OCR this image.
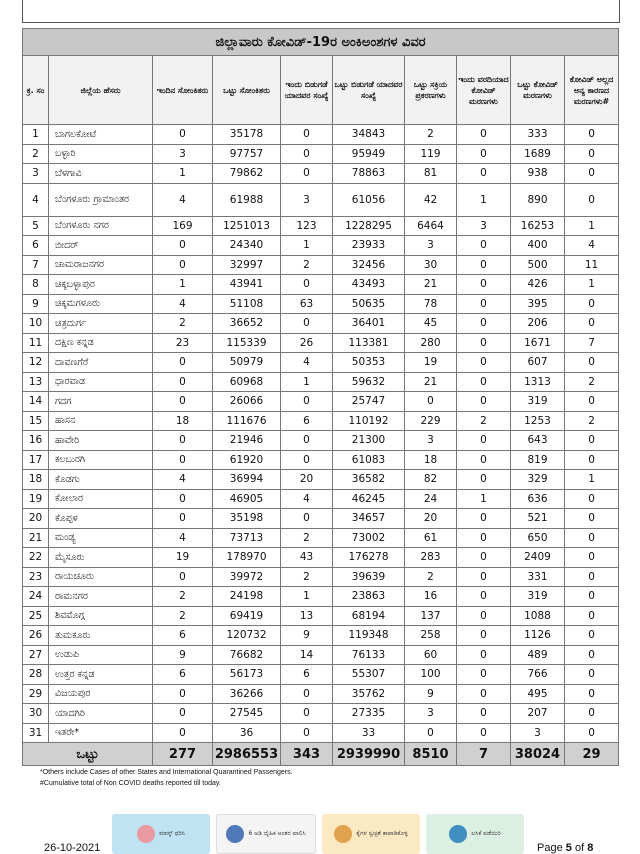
ಜಿಲ್ಲಾವಾರು ಕೋವಿಡ್-19ರ ಅಂಕಿಅಂಶಗಳ ವಿವರ									
ಕ್ರ. ಸಂ	ಜಿಲ್ಲೆಯ ಹೆಸರು	ಇಂದಿನ ಸೋಂಕಿತರು	ಒಟ್ಟು ಸೋಂಕಿತರು	ಇಂದು ಬಿಡುಗಡೆ ಯಾದವರ ಸಂಖ್ಯೆ	ಒಟ್ಟು ಬಿಡುಗಡೆ ಯಾದವರ ಸಂಖ್ಯೆ	ಒಟ್ಟು ಸಕ್ರಿಯ ಪ್ರಕರಣಗಳು	ಇಂದು ವರದಿಯಾದ ಕೋವಿಡ್ ಮರಣಗಳು	ಒಟ್ಟು ಕೋವಿಡ್ ಮರಣಗಳು	ಕೋವಿಡ್ ಅಲ್ಲದ ಅನ್ಯ ಕಾರಣದ ಮರಣಗಳು#
1	ಬಾಗಲಕೋಟೆ	0	35178	0	34843	2	0	333	0
2	ಬಳ್ಳಾರಿ	3	97757	0	95949	119	0	1689	0
3	ಬೆಳಗಾವಿ	1	79862	0	78863	81	0	938	0
4	ಬೆಂಗಳೂರು ಗ್ರಾಮಾಂತರ	4	61988	3	61056	42	1	890	0
5	ಬೆಂಗಳೂರು ನಗರ	169	1251013	123	1228295	6464	3	16253	1
6	ಬೀದರ್	0	24340	1	23933	3	0	400	4
7	ಚಾಮರಾಜನಗರ	0	32997	2	32456	30	0	500	11
8	ಚಿಕ್ಕಬಳ್ಳಾಪುರ	1	43941	0	43493	21	0	426	1
9	ಚಿಕ್ಕಮಗಳೂರು	4	51108	63	50635	78	0	395	0
10	ಚಿತ್ರದುರ್ಗ	2	36652	0	36401	45	0	206	0
11	ದಕ್ಷಿಣ ಕನ್ನಡ	23	115339	26	113381	280	0	1671	7
12	ದಾವಣಗೆರೆ	0	50979	4	50353	19	0	607	0
13	ಧಾರವಾಡ	0	60968	1	59632	21	0	1313	2
14	ಗದಗ	0	26066	0	25747	0	0	319	0
15	ಹಾಸನ	18	111676	6	110192	229	2	1253	2
16	ಹಾವೇರಿ	0	21946	0	21300	3	0	643	0
17	ಕಲಬುರಗಿ	0	61920	0	61083	18	0	819	0
18	ಕೊಡಗು	4	36994	20	36582	82	0	329	1
19	ಕೋಲಾರ	0	46905	4	46245	24	1	636	0
20	ಕೊಪ್ಪಳ	0	35198	0	34657	20	0	521	0
21	ಮಂಡ್ಯ	4	73713	2	73002	61	0	650	0
22	ಮೈಸೂರು	19	178970	43	176278	283	0	2409	0
23	ರಾಯಚೂರು	0	39972	2	39639	2	0	331	0
24	ರಾಮನಗರ	2	24198	1	23863	16	0	319	0
25	ಶಿವಮೊಗ್ಗ	2	69419	13	68194	137	0	1088	0
26	ತುಮಕೂರು	6	120732	9	119348	258	0	1126	0
27	ಉಡುಪಿ	9	76682	14	76133	60	0	489	0
28	ಉತ್ತರ ಕನ್ನಡ	6	56173	6	55307	100	0	766	0
29	ವಿಜಯಪುರ	0	36266	0	35762	9	0	495	0
30	ಯಾದಗಿರಿ	0	27545	0	27335	3	0	207	0
31	ಇತರೇ*	0	36	0	33	0	0	3	0
ಒಟ್ಟು		277	2986553	343	2939990	8510	7	38024	29
*Others include Cases of other States and International Quarantined Passengers.
#Cumulative total of Non COVID deaths reported till today.
26-10-2021
ಮಾಸ್ಕ್ ಧರಿಸಿ	6 ಅಡಿ ದೈಹಿಕ ಅಂತರ ಪಾಲಿಸಿ	ಕೈಗಳ ಸ್ವಚ್ಛತೆ ಕಾಪಾಡಿಕೊಳ್ಳಿ	ಲಸಿಕೆ ಪಡೆಯಿರಿ
Page 5 of 8
